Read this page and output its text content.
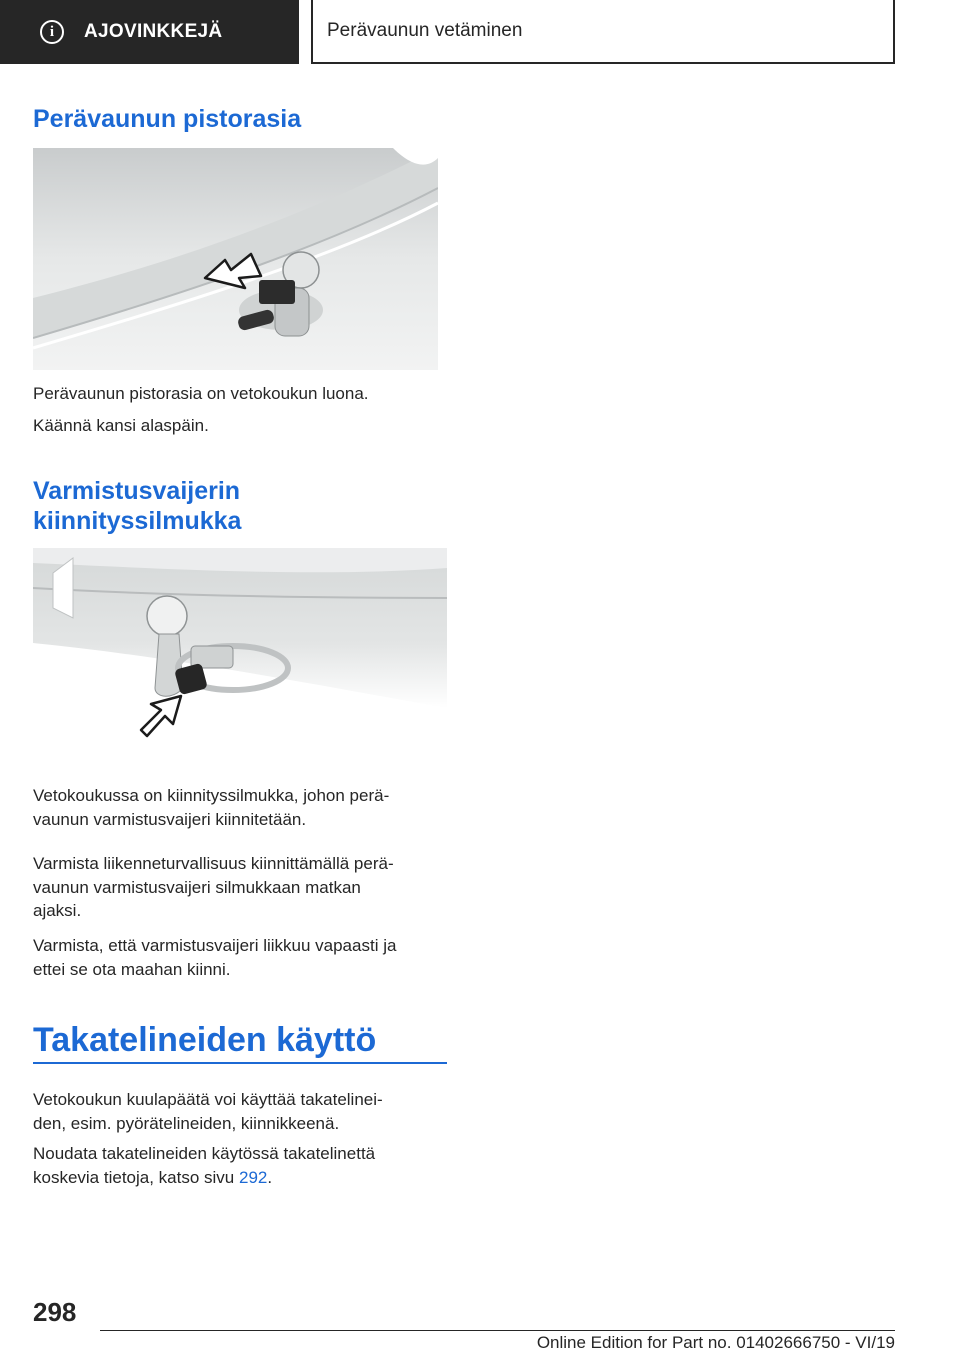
i	AJOVINKKEJÄ	Perävaunun vetäminen
Perävaunun pistorasia

Perävaunun pistorasia on vetokoukun luona.

Käännä kansi alaspäin.

Varmistusvaijerin
kiinnityssilmukka

Vetokoukussa on kiinnityssilmukka, johon perä‐
vaunun varmistusvaijeri kiinnitetään.

Varmista liikenneturvallisuus kiinnittämällä perä‐
vaunun varmistusvaijeri silmukkaan matkan
ajaksi.

Varmista, että varmistusvaijeri liikkuu vapaasti ja
ettei se ota maahan kiinni.

Takatelineiden käyttö

Vetokoukun kuulapäätä voi käyttää takatelinei‐
den, esim. pyörätelineiden, kiinnikkeenä.

Noudata takatelineiden käytössä takatelinettä
koskevia tietoja, katso sivu 292.

298
Online Edition for Part no. 01402666750 - VI/19
